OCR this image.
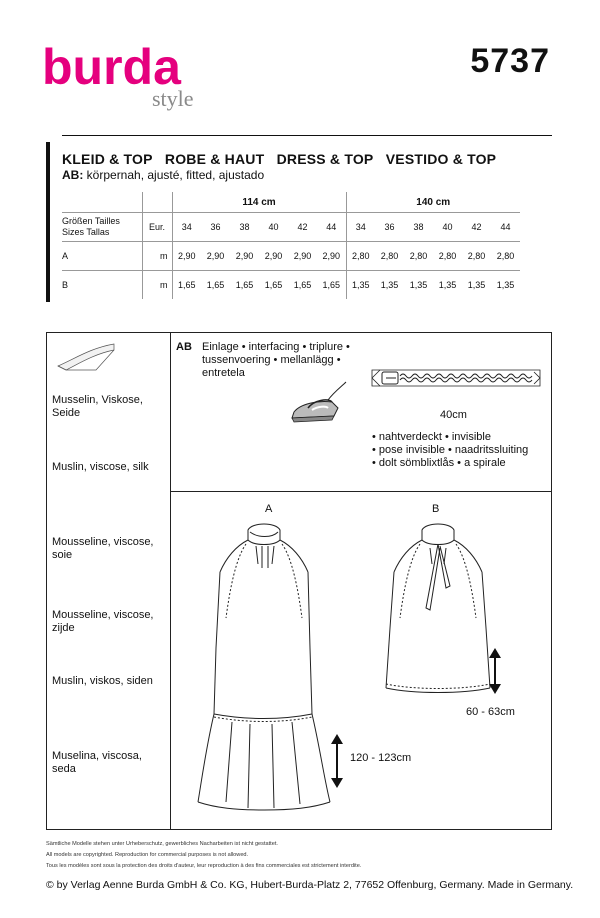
burda
style
5737
KLEID & TOP ROBE & HAUT DRESS & TOP VESTIDO & TOP
AB: körpernah, ajusté, fitted, ajustado
		114 cm						140 cm					
Größen Tailles
Sizes Tallas	Eur.	34	36	38	40	42	44	34	36	38	40	42	44
A	m	2,90	2,90	2,90	2,90	2,90	2,90	2,80	2,80	2,80	2,80	2,80	2,80
B	m	1,65	1,65	1,65	1,65	1,65	1,65	1,35	1,35	1,35	1,35	1,35	1,35
Musselin, Viskose, Seide
Muslin, viscose, silk
Mousseline, viscose, soie
Mousseline, viscose, zijde
Muslin, viskos, siden
Muselina, viscosa, seda
AB Einlage • interfacing • triplure •
tussenvoering • mellanlägg •
entretela
40cm
• nahtverdeckt • invisible
• pose invisible • naadritssluiting
• dolt sömblixtlås • a spirale
A	B
120 - 123cm
60 - 63cm
Sämtliche Modelle stehen unter Urheberschutz, gewerbliches Nacharbeiten ist nicht gestattet.
All models are copyrighted. Reproduction for commercial purposes is not allowed.
Tous les modèles sont sous la protection des droits d'auteur, leur reproduction à des fins commerciales est strictement interdite.
© by Verlag Aenne Burda GmbH & Co. KG, Hubert-Burda-Platz 2, 77652 Offenburg, Germany. Made in Germany.
